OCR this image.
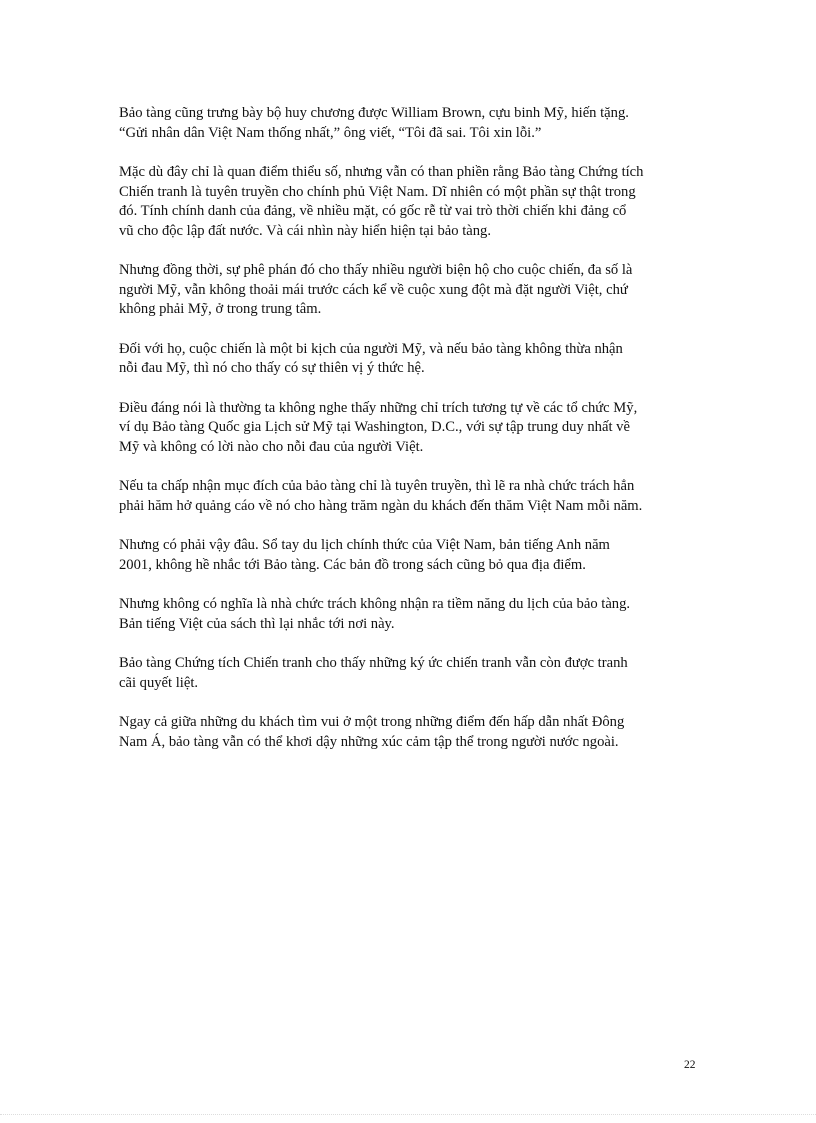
Bảo tàng cũng trưng bày bộ huy chương được William Brown, cựu binh Mỹ, hiến tặng.
“Gửi nhân dân Việt Nam thống nhất,” ông viết, “Tôi đã sai. Tôi xin lỗi.”

Mặc dù đây chỉ là quan điểm thiểu số, nhưng vẫn có than phiền rằng Bảo tàng Chứng tích
Chiến tranh là tuyên truyền cho chính phủ Việt Nam. Dĩ nhiên có một phần sự thật trong
đó. Tính chính danh của đảng, về nhiều mặt, có gốc rễ từ vai trò thời chiến khi đảng cổ
vũ cho độc lập đất nước. Và cái nhìn này hiển hiện tại bảo tàng.

Nhưng đồng thời, sự phê phán đó cho thấy nhiều người biện hộ cho cuộc chiến, đa số là
người Mỹ, vẫn không thoải mái trước cách kể về cuộc xung đột mà đặt người Việt, chứ
không phải Mỹ, ở trong trung tâm.

Đối với họ, cuộc chiến là một bi kịch của người Mỹ, và nếu bảo tàng không thừa nhận
nỗi đau Mỹ, thì nó cho thấy có sự thiên vị ý thức hệ.

Điều đáng nói là thường ta không nghe thấy những chỉ trích tương tự về các tổ chức Mỹ,
ví dụ Bảo tàng Quốc gia Lịch sử Mỹ tại Washington, D.C., với sự tập trung duy nhất về
Mỹ và không có lời nào cho nỗi đau của người Việt.

Nếu ta chấp nhận mục đích của bảo tàng chỉ là tuyên truyền, thì lẽ ra nhà chức trách hẳn
phải hăm hở quảng cáo về nó cho hàng trăm ngàn du khách đến thăm Việt Nam mỗi năm.

Nhưng có phải vậy đâu. Sổ tay du lịch chính thức của Việt Nam, bản tiếng Anh năm
2001, không hề nhắc tới Bảo tàng. Các bản đồ trong sách cũng bỏ qua địa điểm.

Nhưng không có nghĩa là nhà chức trách không nhận ra tiềm năng du lịch của bảo tàng.
Bản tiếng Việt của sách thì lại nhắc tới nơi này.

Bảo tàng Chứng tích Chiến tranh cho thấy những ký ức chiến tranh vẫn còn được tranh
cãi quyết liệt.

Ngay cả giữa những du khách tìm vui ở một trong những điểm đến hấp dẫn nhất Đông
Nam Á, bảo tàng vẫn có thể khơi dậy những xúc cảm tập thể trong người nước ngoài.

22
